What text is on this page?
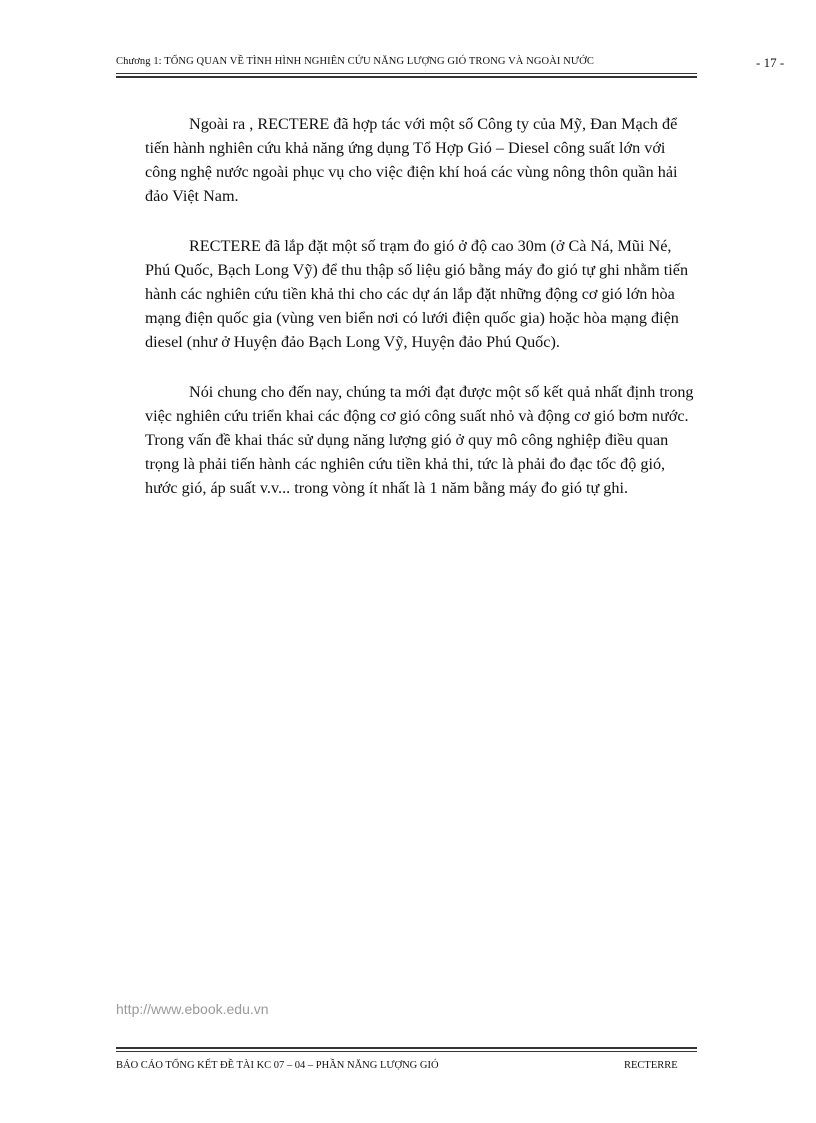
Chương 1: TỔNG QUAN VỀ TÌNH HÌNH NGHIÊN CỨU NĂNG LƯỢNG GIÓ TRONG VÀ NGOÀI NƯỚC	- 17 -

Ngoài ra , RECTERE đã hợp tác với một số Công ty của Mỹ, Đan Mạch để tiến hành nghiên cứu khả năng ứng dụng Tổ Hợp Gió – Diesel công suất lớn với công nghệ nước ngoài phục vụ cho việc điện khí hoá các vùng nông thôn quần hải đảo Việt Nam.

RECTERE đã lắp đặt một số trạm đo gió ở độ cao 30m (ở Cà Ná, Mũi Né, Phú Quốc, Bạch Long Vỹ) để thu thập số liệu gió bằng máy đo gió tự ghi nhằm tiến hành các nghiên cứu tiền khả thi cho các dự án lắp đặt những động cơ gió lớn hòa mạng điện quốc gia (vùng ven biển nơi có lưới điện quốc gia) hoặc hòa mạng điện diesel (như ở Huyện đảo Bạch Long Vỹ, Huyện đảo Phú Quốc).

Nói chung cho đến nay, chúng ta mới đạt được một số kết quả nhất định trong việc nghiên cứu triển khai các động cơ gió công suất nhỏ và động cơ gió bơm nước. Trong vấn đề khai thác sử dụng năng lượng gió ở quy mô công nghiệp điều quan trọng là phải tiến hành các nghiên cứu tiền khả thi, tức là phải đo đạc tốc độ gió, hước gió, áp suất v.v... trong vòng ít nhất là 1 năm bằng máy đo gió tự ghi.

http://www.ebook.edu.vn
BÁO CÁO TỔNG KẾT ĐỀ TÀI KC 07 – 04 – PHẦN NĂNG LƯỢNG GIÓ	RECTERRE
